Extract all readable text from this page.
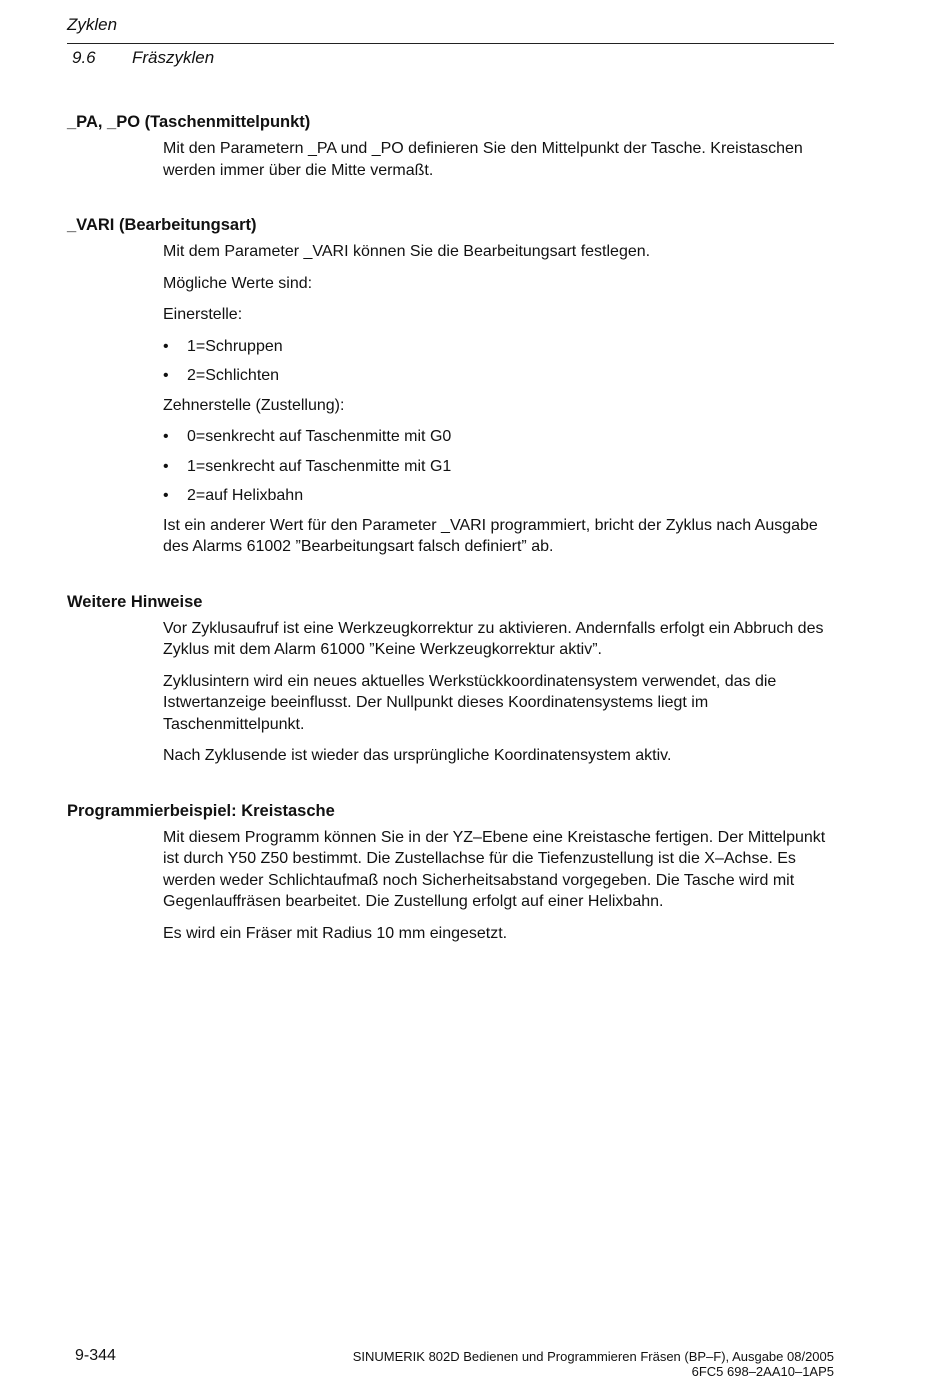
Zyklen
9.6 Fräszyklen
_PA, _PO (Taschenmittelpunkt)

Mit den Parametern _PA und _PO definieren Sie den Mittelpunkt der Tasche. Kreistaschen werden immer über die Mitte vermaßt.

_VARI (Bearbeitungsart)

Mit dem Parameter _VARI können Sie die Bearbeitungsart festlegen.

Mögliche Werte sind:

Einerstelle:

• 1=Schruppen
• 2=Schlichten

Zehnerstelle (Zustellung):

• 0=senkrecht auf Taschenmitte mit G0
• 1=senkrecht auf Taschenmitte mit G1
• 2=auf Helixbahn

Ist ein anderer Wert für den Parameter _VARI programmiert, bricht der Zyklus nach Ausgabe des Alarms 61002 ”Bearbeitungsart falsch definiert” ab.

Weitere Hinweise

Vor Zyklusaufruf ist eine Werkzeugkorrektur zu aktivieren. Andernfalls erfolgt ein Abbruch des Zyklus mit dem Alarm 61000 ”Keine Werkzeugkorrektur aktiv”.

Zyklusintern wird ein neues aktuelles Werkstückkoordinatensystem verwendet, das die Istwertanzeige beeinflusst. Der Nullpunkt dieses Koordinatensystems liegt im Taschenmittelpunkt.

Nach Zyklusende ist wieder das ursprüngliche Koordinatensystem aktiv.

Programmierbeispiel: Kreistasche

Mit diesem Programm können Sie in der YZ–Ebene eine Kreistasche fertigen. Der Mittelpunkt ist durch Y50 Z50 bestimmt. Die Zustellachse für die Tiefenzustellung ist die X–Achse. Es werden weder Schlichtaufmaß noch Sicherheitsabstand vorgegeben. Die Tasche wird mit Gegenlauffräsen bearbeitet. Die Zustellung erfolgt auf einer Helixbahn.

Es wird ein Fräser mit Radius 10 mm eingesetzt.

9-344	SINUMERIK 802D Bedienen und Programmieren Fräsen (BP–F), Ausgabe 08/2005
6FC5 698–2AA10–1AP5
